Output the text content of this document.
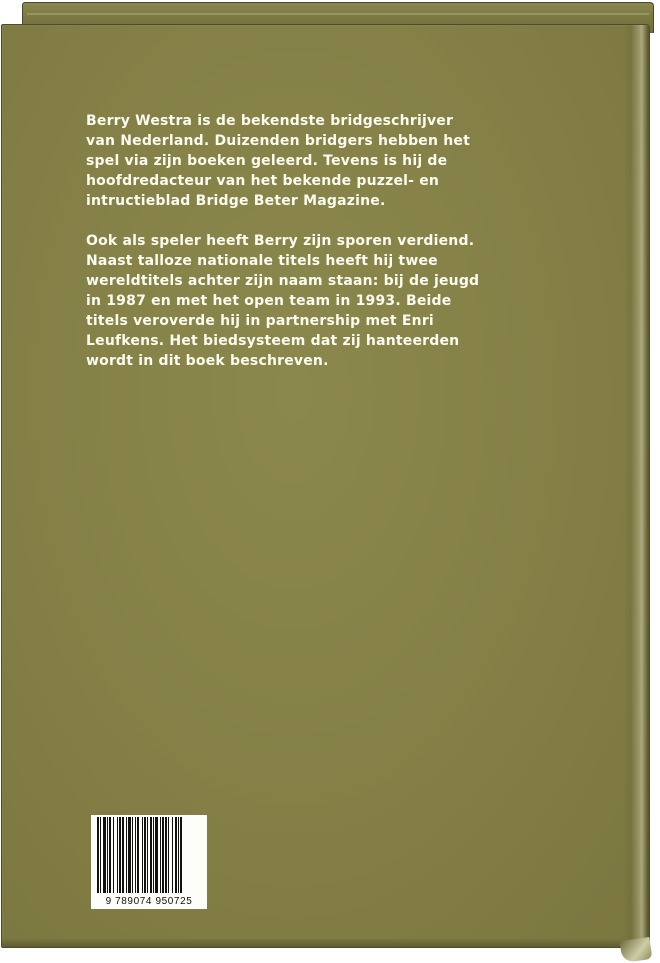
Berry Westra is de bekendste bridgeschrijver
van Nederland. Duizenden bridgers hebben het
spel via zijn boeken geleerd. Tevens is hij de
hoofdredacteur van het bekende puzzel- en
intructieblad Bridge Beter Magazine.

Ook als speler heeft Berry zijn sporen verdiend.
Naast talloze nationale titels heeft hij twee
wereldtitels achter zijn naam staan: bij de jeugd
in 1987 en met het open team in 1993. Beide
titels veroverde hij in partnership met Enri
Leufkens. Het biedsysteem dat zij hanteerden
wordt in dit boek beschreven.

9 789074 950725
